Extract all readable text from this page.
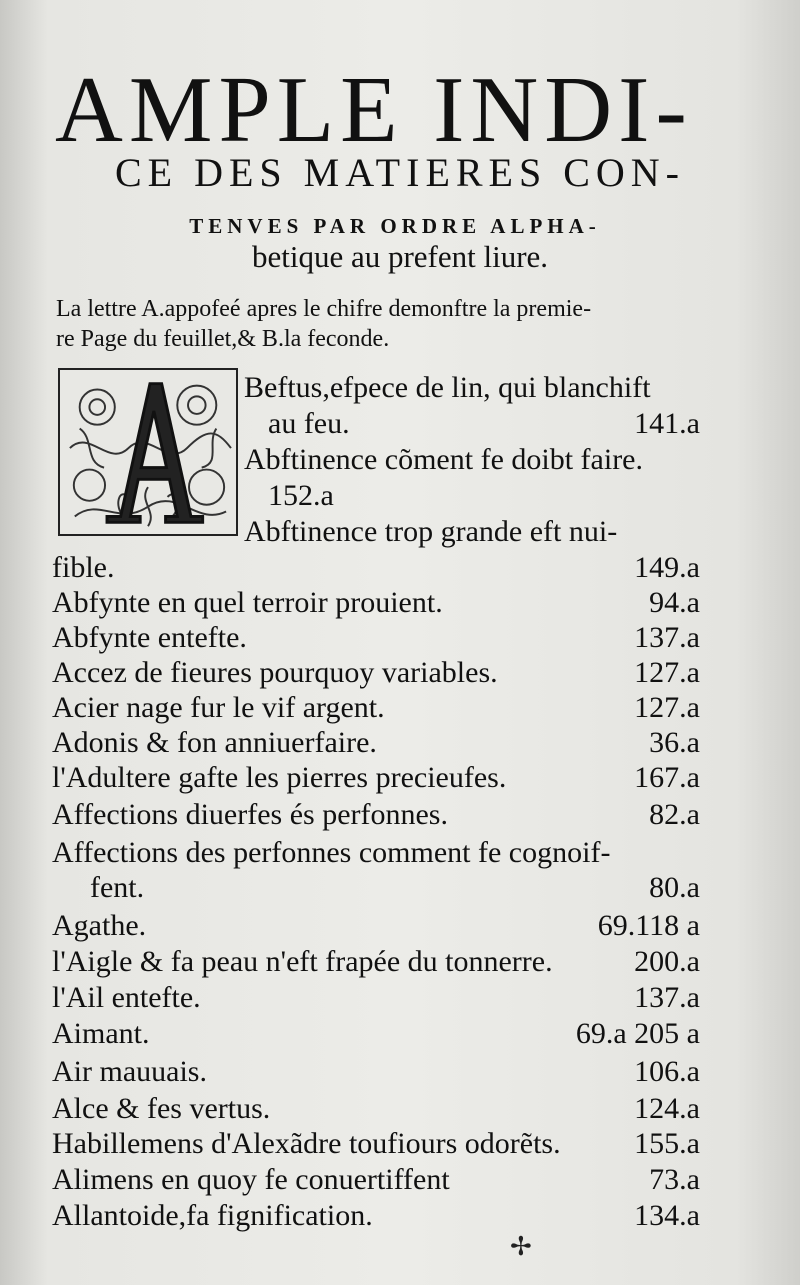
AMPLE INDI-
CE DES MATIERES CON-
TENVES PAR ORDRE ALPHA-
betique au prefent liure.
La lettre A.appofeé apres le chifre demonftre la premie-
re Page du feuillet,& B.la feconde.
Beftus,efpece de lin, qui blanchift
au feu.	141.a
Abftinence cõment fe doibt faire.
152.a
Abftinence trop grande eft nui-
fible.	149.a
Abfynte en quel terroir prouient.	94.a
Abfynte entefte.	137.a
Accez de fieures pourquoy variables.	127.a
Acier nage fur le vif argent.	127.a
Adonis & fon anniuerfaire.	36.a
l'Adultere gafte les pierres precieufes.	167.a
Affections diuerfes és perfonnes.	82.a
Affections des perfonnes comment fe cognoif-
fent.	80.a
Agathe.	69.118 a
l'Aigle & fa peau n'eft frapée du tonnerre.	200.a
l'Ail entefte.	137.a
Aimant.	69.a 205 a
Air mauuais.	106.a
Alce & fes vertus.	124.a
Habillemens d'Alexãdre toufiours odorẽts. 155.a
Alimens en quoy fe conuertiffent	73.a
Allantoide,fa fignification.	134.a
✢
